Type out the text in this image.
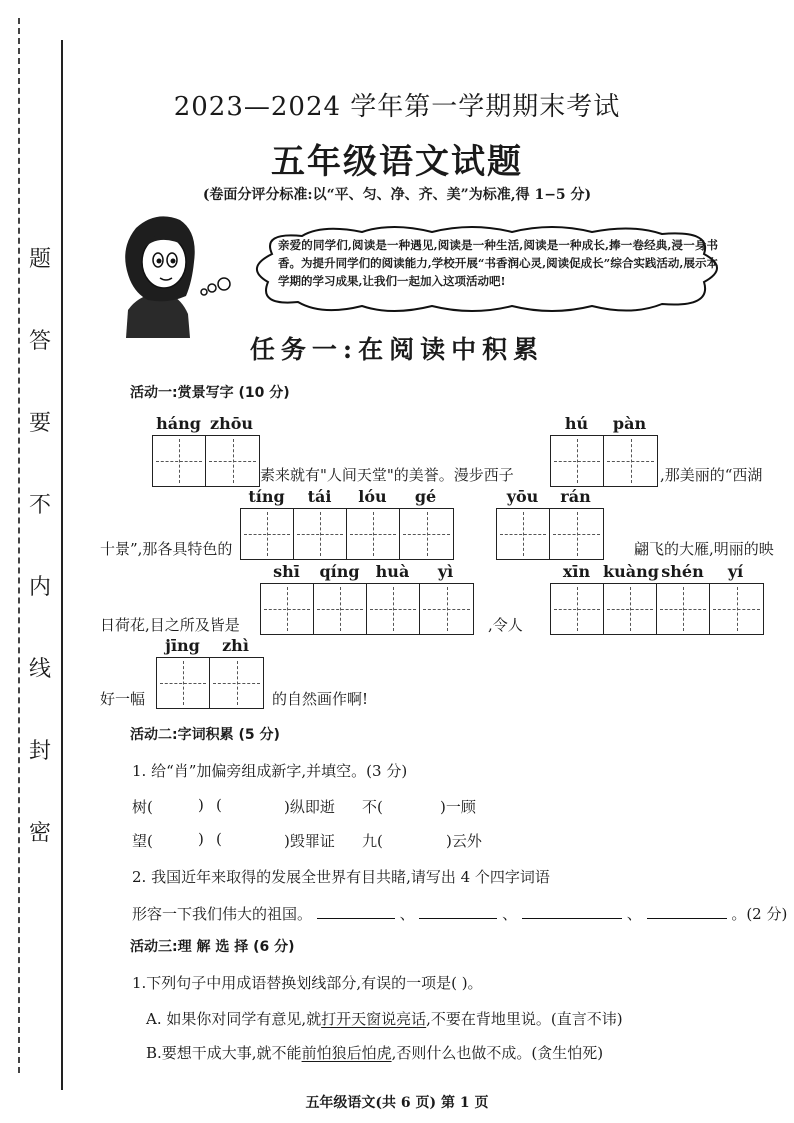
题
答
要
不
内
线
封
密
2023—2024 学年第一学期期末考试
五年级语文试题
(卷面分评分标准:以“平、匀、净、齐、美”为标准,得 1−5 分)
亲爱的同学们,阅读是一种遇见,阅读是一种生活,阅读是一种成长,捧一卷经典,浸一身书香。为提升同学们的阅读能力,学校开展“书香润心灵,阅读促成长”综合实践活动,展示本学期的学习成果,让我们一起加入这项活动吧!
任务一:在阅读中积累
活动一:赏景写字 (10 分)
háng zhōu
素来就有"人间天堂"的美誉。漫步西子
hú	pàn
,那美丽的“西湖
tíng	tái	lóu	gé
十景”,那各具特色的
yōu	rán
翩飞的大雁,明丽的映
shī	qíng	huà	yì
日荷花,目之所及皆是	,令人
xīn kuàng shén	yí
jīng	zhì
好一幅	的自然画作啊!
活动二:字词积累 (5 分)
1. 给“肖”加偏旁组成新字,并填空。(3 分)
树(	) (	)纵即逝 不(	)一顾
望(	) (	)毁罪证 九(	)云外
2. 我国近年来取得的发展全世界有目共睹,请写出 4 个四字词语
形容一下我们伟大的祖国。	、	、	、	。(2 分)
活动三:理 解 选 择 (6 分)
1.下列句子中用成语替换划线部分,有误的一项是( )。
A. 如果你对同学有意见,就打开天窗说亮话,不要在背地里说。(直言不讳)
B.要想干成大事,就不能前怕狼后怕虎,否则什么也做不成。(贪生怕死)
五年级语文(共 6 页) 第 1 页
